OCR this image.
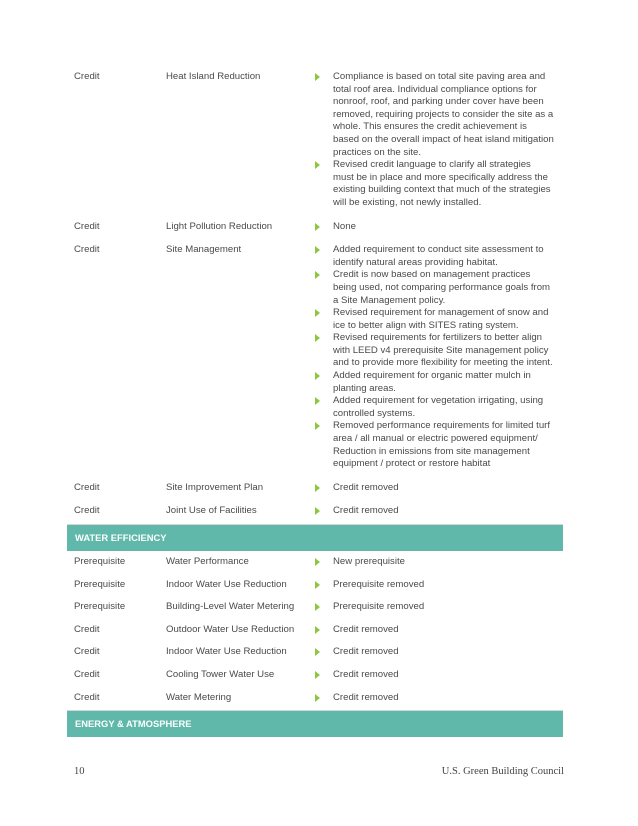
Credit	Heat Island Reduction	Compliance is based on total site paving area and total roof area. Individual compliance options for nonroof, roof, and parking under cover have been removed, requiring projects to consider the site as a whole. This ensures the credit achievement is based on the overall impact of heat island mitigation practices on the site.
Revised credit language to clarify all strategies must be in place and more specifically address the existing building context that much of the strategies will be existing, not newly installed.
Credit	Light Pollution Reduction	None
Credit	Site Management	Added requirement to conduct site assessment to identify natural areas providing habitat.
Credit is now based on management practices being used, not comparing performance goals from a Site Management policy.
Revised requirement for management of snow and ice to better align with SITES rating system.
Revised requirements for fertilizers to better align with LEED v4 prerequisite Site management policy and to provide more flexibility for meeting the intent.
Added requirement for organic matter mulch in planting areas.
Added requirement for vegetation irrigating, using controlled systems.
Removed performance requirements for limited turf area / all manual or electric powered equipment/ Reduction in emissions from site management equipment / protect or restore habitat
Credit	Site Improvement Plan	Credit removed
Credit	Joint Use of Facilities	Credit removed
WATER EFFICIENCY
Prerequisite	Water Performance	New prerequisite
Prerequisite	Indoor Water Use Reduction	Prerequisite removed
Prerequisite	Building-Level Water Metering	Prerequisite removed
Credit	Outdoor Water Use Reduction	Credit removed
Credit	Indoor Water Use Reduction	Credit removed
Credit	Cooling Tower Water Use	Credit removed
Credit	Water Metering	Credit removed
ENERGY & ATMOSPHERE
10	U.S. Green Building Council
